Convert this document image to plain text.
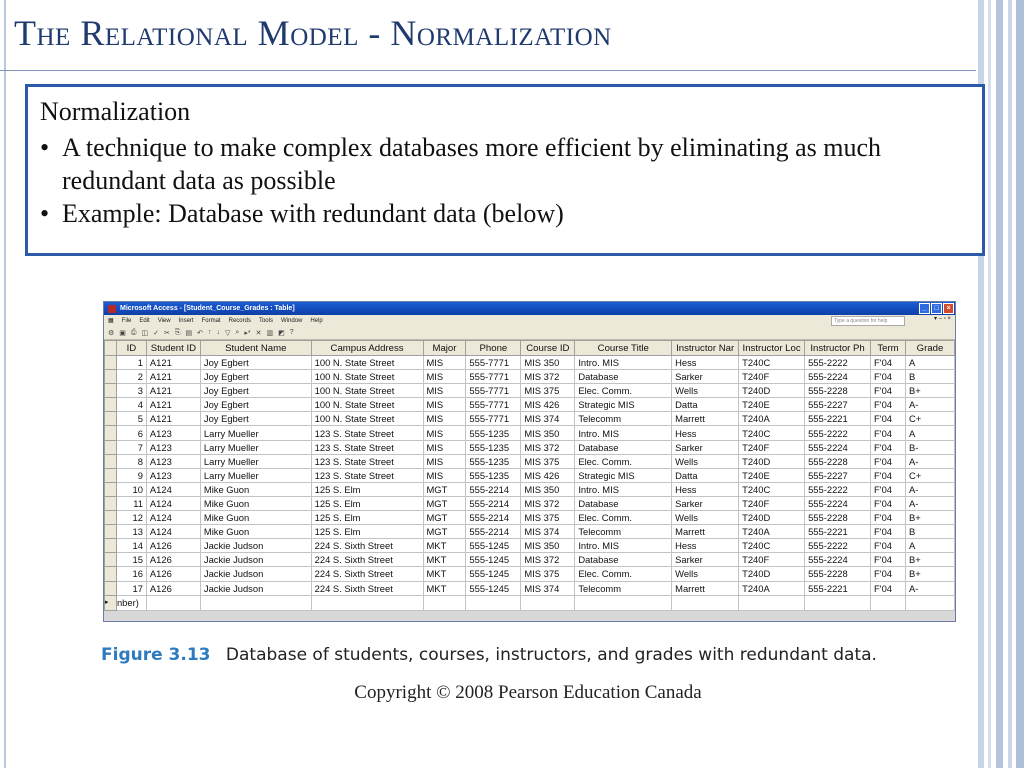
The Relational Model - Normalization
Normalization
• A technique to make complex databases more efficient by eliminating as much redundant data as possible
• Example: Database with redundant data (below)
Microsoft Access - [Student_Course_Grades : Table]	_	□	×
▦ File Edit View Insert Format Records Tools Window Help	Type a question for help	▾ ‒ ▫ ×
⚙ ▣ ⎙ ◫ ✓ ✂ ⎘ ▤ ↶ ↑ ↓ ▽ ⌕ ▸* ✕ ▥ ◩ ?
	ID	Student ID	Student Name	Campus Address	Major	Phone	Course ID	Course Title	Instructor Nar	Instructor Loc	Instructor Ph	Term	Grade
	1	A121	Joy Egbert	100 N. State Street	MIS	555-7771	MIS 350	Intro. MIS	Hess	T240C	555-2222	F'04	A
	2	A121	Joy Egbert	100 N. State Street	MIS	555-7771	MIS 372	Database	Sarker	T240F	555-2224	F'04	B
	3	A121	Joy Egbert	100 N. State Street	MIS	555-7771	MIS 375	Elec. Comm.	Wells	T240D	555-2228	F'04	B+
	4	A121	Joy Egbert	100 N. State Street	MIS	555-7771	MIS 426	Strategic MIS	Datta	T240E	555-2227	F'04	A-
	5	A121	Joy Egbert	100 N. State Street	MIS	555-7771	MIS 374	Telecomm	Marrett	T240A	555-2221	F'04	C+
	6	A123	Larry Mueller	123 S. State Street	MIS	555-1235	MIS 350	Intro. MIS	Hess	T240C	555-2222	F'04	A
	7	A123	Larry Mueller	123 S. State Street	MIS	555-1235	MIS 372	Database	Sarker	T240F	555-2224	F'04	B-
	8	A123	Larry Mueller	123 S. State Street	MIS	555-1235	MIS 375	Elec. Comm.	Wells	T240D	555-2228	F'04	A-
	9	A123	Larry Mueller	123 S. State Street	MIS	555-1235	MIS 426	Strategic MIS	Datta	T240E	555-2227	F'04	C+
	10	A124	Mike Guon	125 S. Elm	MGT	555-2214	MIS 350	Intro. MIS	Hess	T240C	555-2222	F'04	A-
	11	A124	Mike Guon	125 S. Elm	MGT	555-2214	MIS 372	Database	Sarker	T240F	555-2224	F'04	A-
	12	A124	Mike Guon	125 S. Elm	MGT	555-2214	MIS 375	Elec. Comm.	Wells	T240D	555-2228	F'04	B+
	13	A124	Mike Guon	125 S. Elm	MGT	555-2214	MIS 374	Telecomm	Marrett	T240A	555-2221	F'04	B
	14	A126	Jackie Judson	224 S. Sixth Street	MKT	555-1245	MIS 350	Intro. MIS	Hess	T240C	555-2222	F'04	A
	15	A126	Jackie Judson	224 S. Sixth Street	MKT	555-1245	MIS 372	Database	Sarker	T240F	555-2224	F'04	B+
	16	A126	Jackie Judson	224 S. Sixth Street	MKT	555-1245	MIS 375	Elec. Comm.	Wells	T240D	555-2228	F'04	B+
	17	A126	Jackie Judson	224 S. Sixth Street	MKT	555-1245	MIS 374	Telecomm	Marrett	T240A	555-2221	F'04	A-
▸	nber)												
Figure 3.13 Database of students, courses, instructors, and grades with redundant data.
Copyright © 2008 Pearson Education Canada
